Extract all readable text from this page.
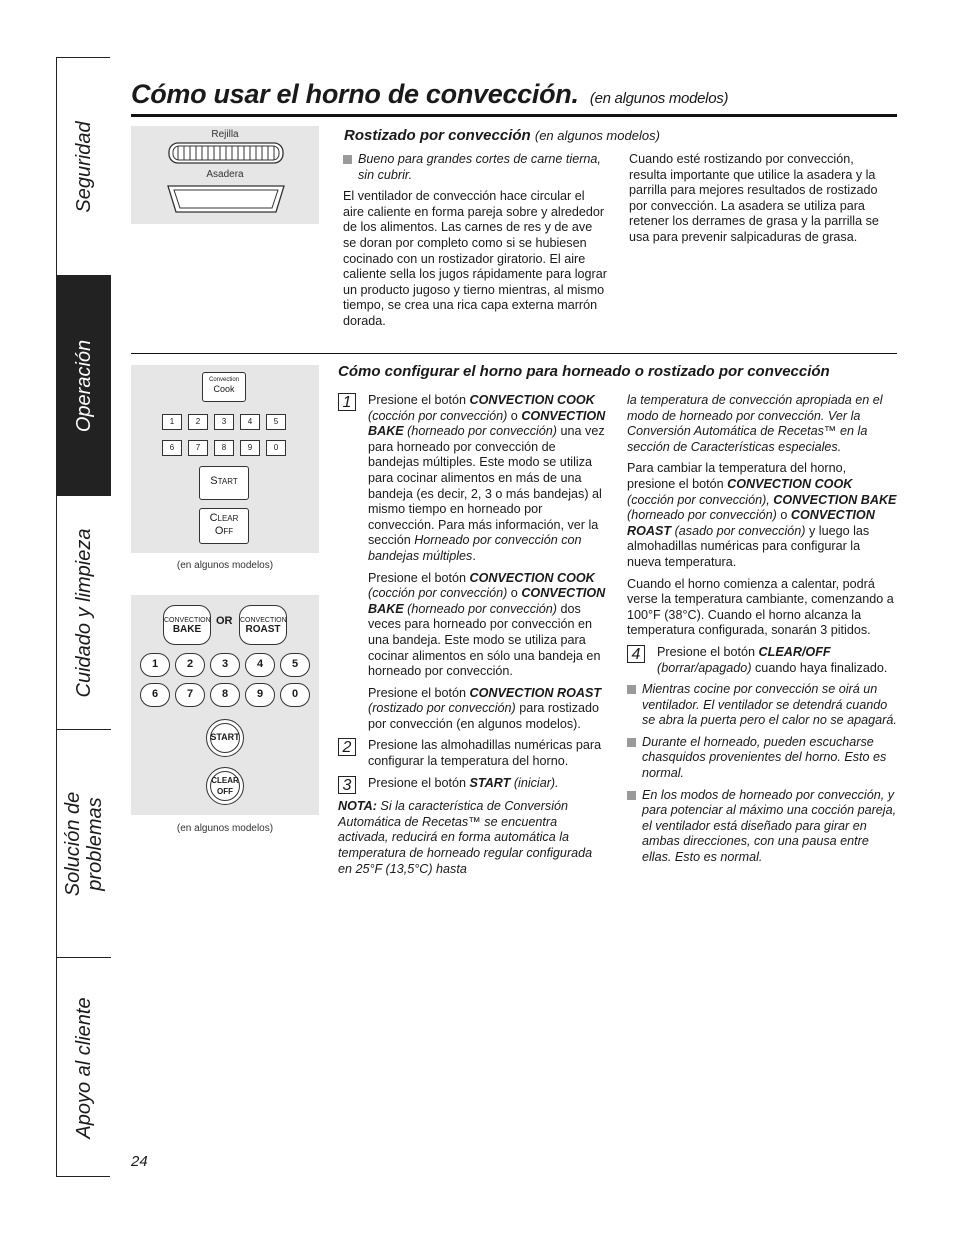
Seguridad
Operación
Cuidado y limpieza
Solución de
problemas
Apoyo al cliente
Cómo usar el horno de convección. (en algunos modelos)
Rejilla
Asadera
Rostizado por convección (en algunos modelos)
Bueno para grandes cortes de carne tierna, sin cubrir.

El ventilador de convección hace circular el aire caliente en forma pareja sobre y alrededor de los alimentos. Las carnes de res y de ave se doran por completo como si se hubiesen cocinado con un rostizador giratorio. El aire caliente sella los jugos rápidamente para lograr un producto jugoso y tierno mientras, al mismo tiempo, se crea una rica capa externa marrón dorada.

Cuando esté rostizando por convección, resulta importante que utilice la asadera y la parrilla para mejores resultados de rostizado por convección. La asadera se utiliza para retener los derrames de grasa y la parrilla se usa para prevenir salpicaduras de grasa.

Convection
Cook
1	2	3	4	5
6	7	8	9	0
Start
Clear
Off
(en algunos modelos)
CONVECTION
BAKE
OR CONVECTION
ROAST
1	2	3	4	5
6	7	8	9	0
START
CLEAR
OFF
(en algunos modelos)
Cómo configurar el horno para horneado o rostizado por convección
1	Presione el botón CONVECTION COOK (cocción por convección) o CONVECTION BAKE (horneado por convección) una vez para horneado por convección de bandejas múltiples. Este modo se utiliza para cocinar alimentos en más de una bandeja (es decir, 2, 3 o más bandejas) al mismo tiempo en horneado por convección. Para más información, ver la sección Horneado por convección con bandejas múltiples.
Presione el botón CONVECTION COOK (cocción por convección) o CONVECTION BAKE (horneado por convección) dos veces para horneado por convección en una bandeja. Este modo se utiliza para cocinar alimentos en sólo una bandeja en horneado por convección.
Presione el botón CONVECTION ROAST (rostizado por convección) para rostizado por convección (en algunos modelos).
2	Presione las almohadillas numéricas para configurar la temperatura del horno.
3	Presione el botón START (iniciar).

NOTA: Si la característica de Conversión Automática de Recetas™ se encuentra activada, reducirá en forma automática la temperatura de horneado regular configurada en 25°F (13,5°C) hasta

la temperatura de convección apropiada en el modo de horneado por convección. Ver la Conversión Automática de Recetas™ en la sección de Características especiales.

Para cambiar la temperatura del horno, presione el botón CONVECTION COOK (cocción por convección), CONVECTION BAKE (horneado por convección) o CONVECTION ROAST (asado por convección) y luego las almohadillas numéricas para configurar la nueva temperatura.

Cuando el horno comienza a calentar, podrá verse la temperatura cambiante, comenzando a 100°F (38°C). Cuando el horno alcanza la temperatura configurada, sonarán 3 pitidos.

4	Presione el botón CLEAR/OFF (borrar/apagado) cuando haya finalizado.
Mientras cocine por convección se oirá un ventilador. El ventilador se detendrá cuando se abra la puerta pero el calor no se apagará.
Durante el horneado, pueden escucharse chasquidos provenientes del horno. Esto es normal.
En los modos de horneado por convección, y para potenciar al máximo una cocción pareja, el ventilador está diseñado para girar en ambas direcciones, con una pausa entre ellas. Esto es normal.
24
